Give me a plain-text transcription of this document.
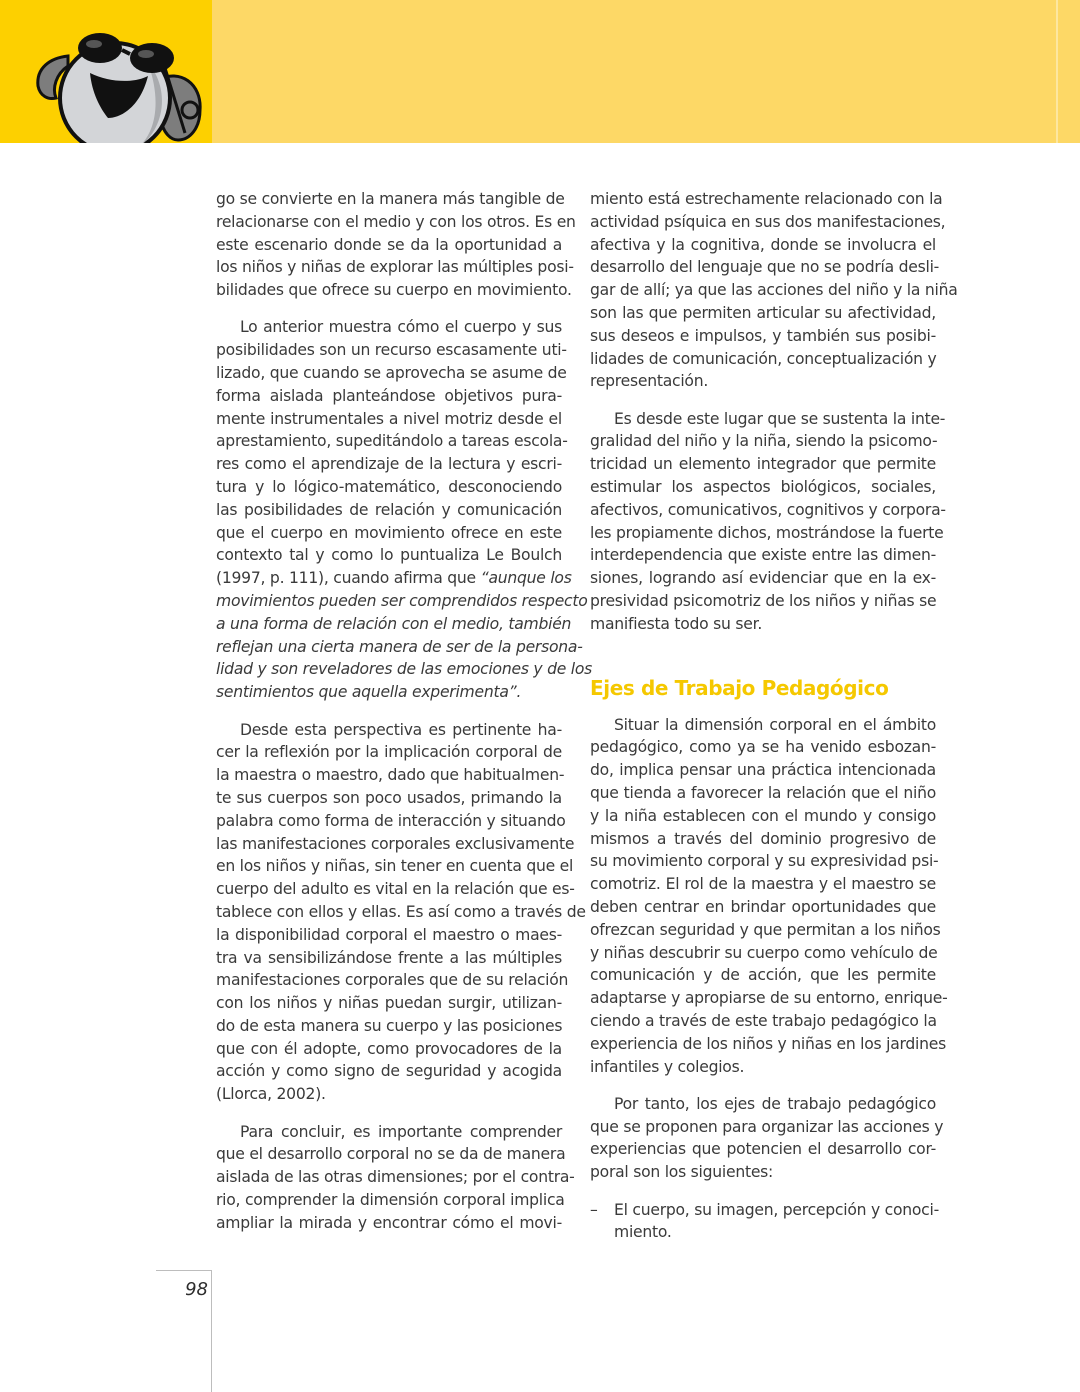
go se convierte en la manera más tangible de
relacionarse con el medio y con los otros. Es en
este escenario donde se da la oportunidad a
los niños y niñas de explorar las múltiples posi-
bilidades que ofrece su cuerpo en movimiento.
Lo anterior muestra cómo el cuerpo y sus
posibilidades son un recurso escasamente uti-
lizado, que cuando se aprovecha se asume de
forma aislada planteándose objetivos pura-
mente instrumentales a nivel motriz desde el
aprestamiento, supeditándolo a tareas escola-
res como el aprendizaje de la lectura y escri-
tura y lo lógico-matemático, desconociendo
las posibilidades de relación y comunicación
que el cuerpo en movimiento ofrece en este
contexto tal y como lo puntualiza Le Boulch
(1997, p. 111), cuando afirma que “aunque los
movimientos pueden ser comprendidos respecto
a una forma de relación con el medio, también
reflejan una cierta manera de ser de la persona-
lidad y son reveladores de las emociones y de los
sentimientos que aquella experimenta”.
Desde esta perspectiva es pertinente ha-
cer la reflexión por la implicación corporal de
la maestra o maestro, dado que habitualmen-
te sus cuerpos son poco usados, primando la
palabra como forma de interacción y situando
las manifestaciones corporales exclusivamente
en los niños y niñas, sin tener en cuenta que el
cuerpo del adulto es vital en la relación que es-
tablece con ellos y ellas. Es así como a través de
la disponibilidad corporal el maestro o maes-
tra va sensibilizándose frente a las múltiples
manifestaciones corporales que de su relación
con los niños y niñas puedan surgir, utilizan-
do de esta manera su cuerpo y las posiciones
que con él adopte, como provocadores de la
acción y como signo de seguridad y acogida
(Llorca, 2002).
Para concluir, es importante comprender
que el desarrollo corporal no se da de manera
aislada de las otras dimensiones; por el contra-
rio, comprender la dimensión corporal implica
ampliar la mirada y encontrar cómo el movi-
miento está estrechamente relacionado con la
actividad psíquica en sus dos manifestaciones,
afectiva y la cognitiva, donde se involucra el
desarrollo del lenguaje que no se podría desli-
gar de allí; ya que las acciones del niño y la niña
son las que permiten articular su afectividad,
sus deseos e impulsos, y también sus posibi-
lidades de comunicación, conceptualización y
representación.
Es desde este lugar que se sustenta la inte-
gralidad del niño y la niña, siendo la psicomo-
tricidad un elemento integrador que permite
estimular los aspectos biológicos, sociales,
afectivos, comunicativos, cognitivos y corpora-
les propiamente dichos, mostrándose la fuerte
interdependencia que existe entre las dimen-
siones, logrando así evidenciar que en la ex-
presividad psicomotriz de los niños y niñas se
manifiesta todo su ser.
Ejes de Trabajo Pedagógico
Situar la dimensión corporal en el ámbito
pedagógico, como ya se ha venido esbozan-
do, implica pensar una práctica intencionada
que tienda a favorecer la relación que el niño
y la niña establecen con el mundo y consigo
mismos a través del dominio progresivo de
su movimiento corporal y su expresividad psi-
comotriz. El rol de la maestra y el maestro se
deben centrar en brindar oportunidades que
ofrezcan seguridad y que permitan a los niños
y niñas descubrir su cuerpo como vehículo de
comunicación y de acción, que les permite
adaptarse y apropiarse de su entorno, enrique-
ciendo a través de este trabajo pedagógico la
experiencia de los niños y niñas en los jardines
infantiles y colegios.
Por tanto, los ejes de trabajo pedagógico
que se proponen para organizar las acciones y
experiencias que potencien el desarrollo cor-
poral son los siguientes:
– El cuerpo, su imagen, percepción y conoci-
miento.
98
